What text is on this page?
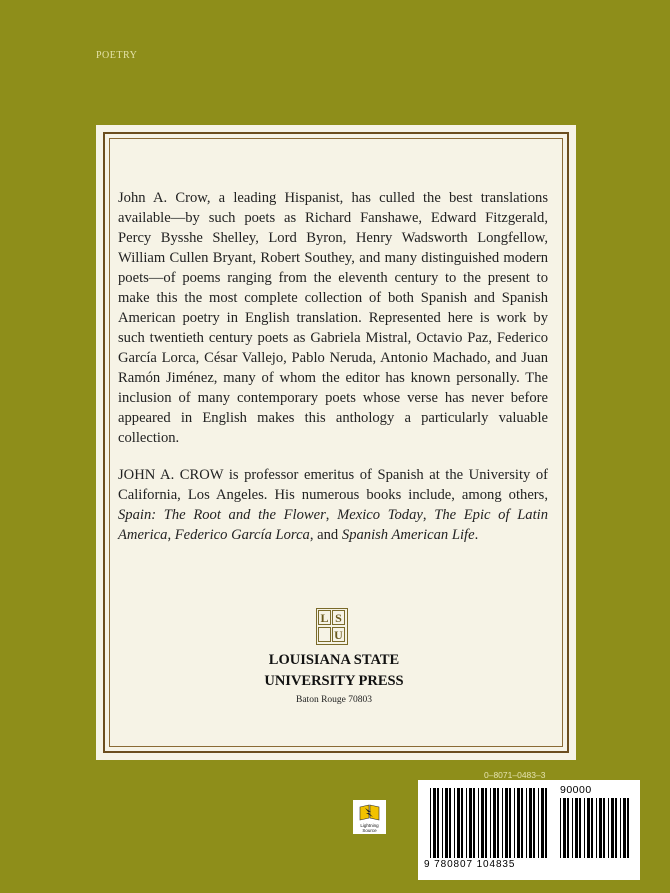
POETRY

John A. Crow, a leading Hispanist, has culled the best translations available—by such poets as Richard Fanshawe, Edward Fitzgerald, Percy Bysshe Shelley, Lord Byron, Henry Wadsworth Longfellow, William Cullen Bryant, Robert Southey, and many distinguished modern poets—of poems ranging from the eleventh century to the present to make this the most complete collection of both Spanish and Spanish American poetry in English translation. Represented here is work by such twentieth century poets as Gabriela Mistral, Octavio Paz, Federico García Lorca, César Vallejo, Pablo Neruda, Antonio Machado, and Juan Ramón Jiménez, many of whom the editor has known personally. The inclusion of many contemporary poets whose verse has never before appeared in English makes this anthology a particularly valuable collection.

JOHN A. CROW is professor emeritus of Spanish at the University of California, Los Angeles. His numerous books include, among others, Spain: The Root and the Flower, Mexico Today, The Epic of Latin America, Federico García Lorca, and Spanish American Life.

L S
U
LOUISIANA STATE
UNIVERSITY PRESS
Baton Rouge 70803
0–8071–0483–3
Lightning Source
90000
9 780807 104835
